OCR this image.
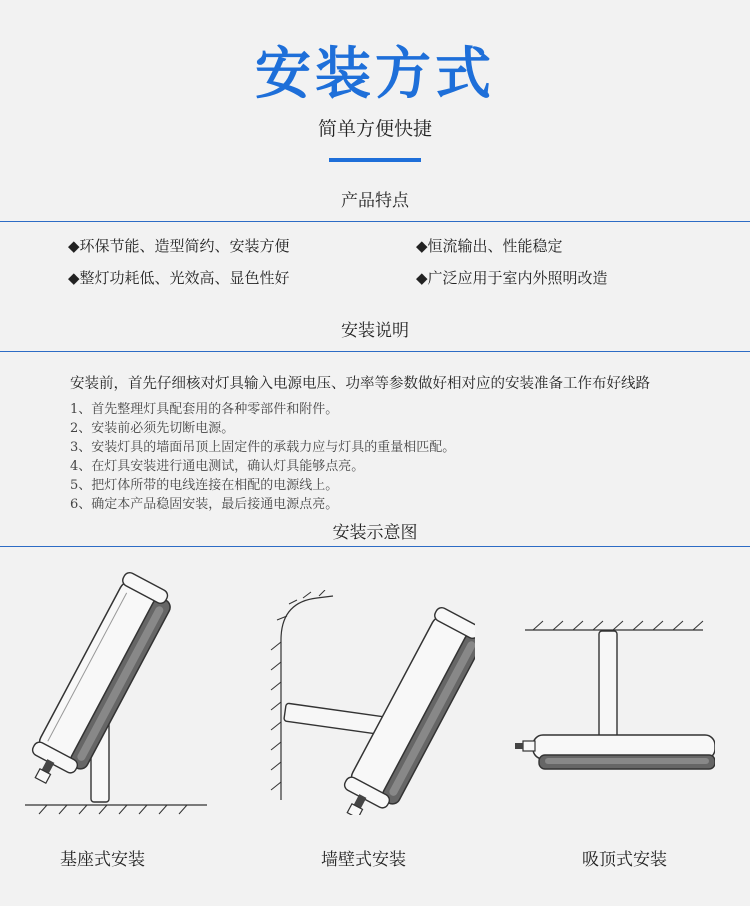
安装方式
简单方便快捷
产品特点
◆环保节能、造型简约、安装方便	◆恒流输出、性能稳定
◆整灯功耗低、光效高、显色性好	◆广泛应用于室内外照明改造
安装说明
安装前，首先仔细核对灯具输入电源电压、功率等参数做好相对应的安装准备工作布好线路
1、首先整理灯具配套用的各种零部件和附件。
2、安装前必须先切断电源。
3、安装灯具的墙面吊顶上固定件的承载力应与灯具的重量相匹配。
4、在灯具安装进行通电测试，确认灯具能够点亮。
5、把灯体所带的电线连接在相配的电源线上。
6、确定本产品稳固安装，最后接通电源点亮。
安装示意图
基座式安装	墙壁式安装	吸顶式安装
